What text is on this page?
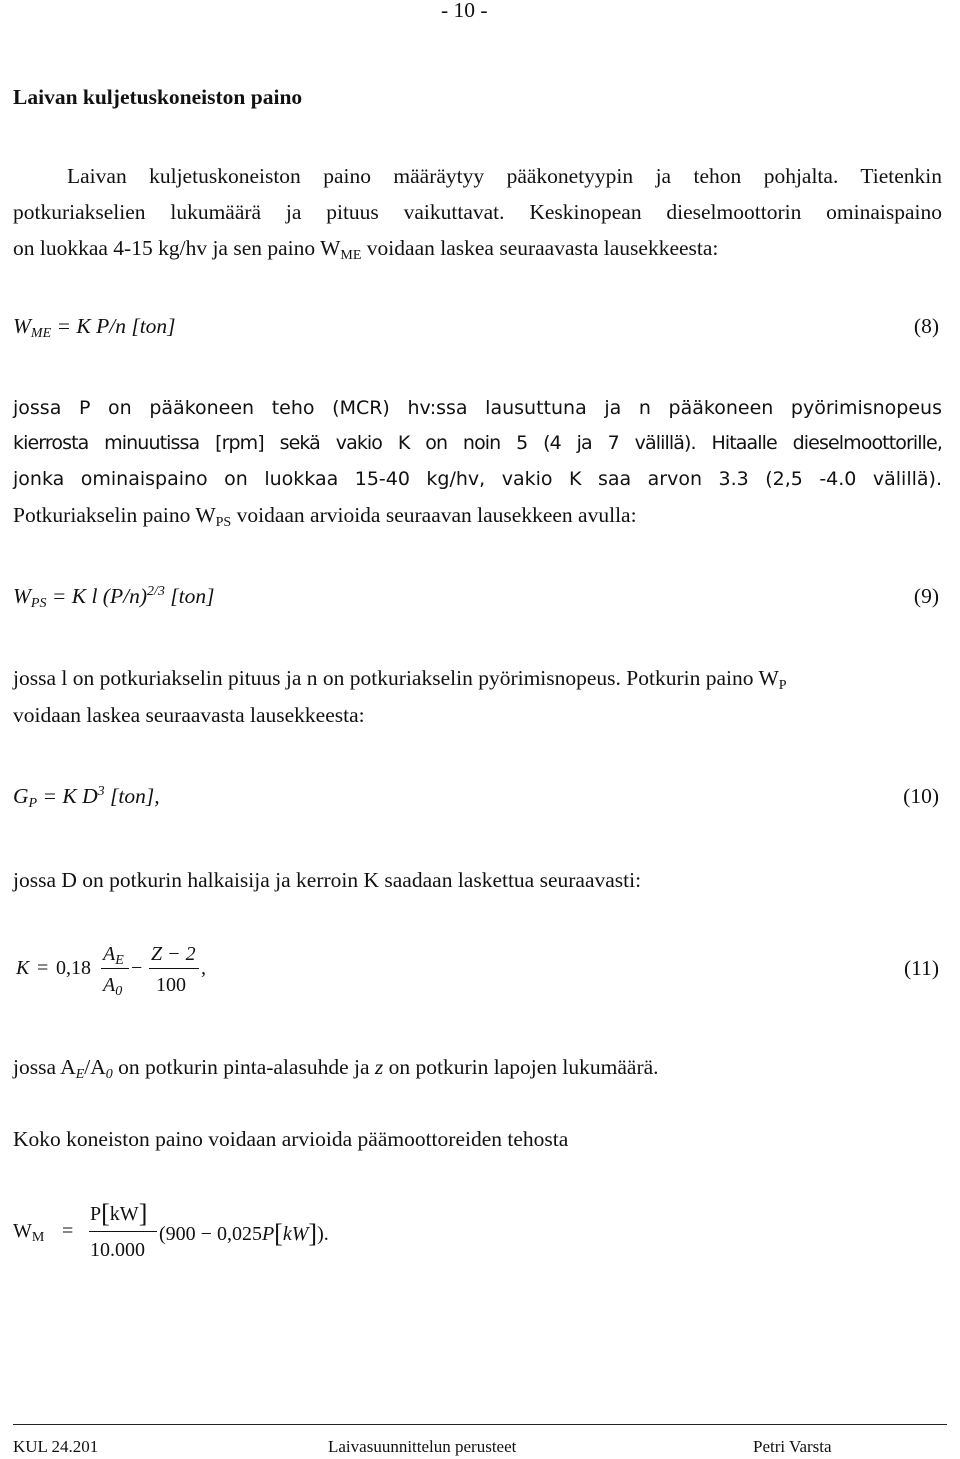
- 10 -
Laivan kuljetuskoneiston paino
Laivan kuljetuskoneiston paino määräytyy pääkonetyypin ja tehon pohjalta. Tietenkin
potkuriakselien lukumäärä ja pituus vaikuttavat. Keskinopean dieselmoottorin ominaispaino
on luokkaa 4-15 kg/hv ja sen paino $W_{ME}$ voidaan laskea seuraavasta lausekkeesta:
$W_{ME} = K$ P/n [ton]	(8)
jossa P on pääkoneen teho (MCR) hv:ssa lausuttuna ja n pääkoneen pyörimisnopeus
kierrosta minuutissa [rpm] sekä vakio K on noin 5 (4 ja 7 välillä). Hitaalle dieselmoottorille,
jonka ominaispaino on luokkaa 15-40 kg/hv, vakio K saa arvon 3.3 (2,5 -4.0 välillä).
Potkuriakselin paino $W_{PS}$ voidaan arvioida seuraavan lausekkeen avulla:
$W_{PS} = K$ l $(P/n)^{2/3}$ [ton]	(9)
jossa l on potkuriakselin pituus ja n on potkuriakselin pyörimisnopeus. Potkurin paino $W_P$
voidaan laskea seuraavasta lausekkeesta:
$G_P = K$ $D^3$ [ton],	(10)
jossa D on potkurin halkaisija ja kerroin K saadaan laskettua seuraavasti:
K = 0,18
$A_E$
$A_0$
−
Z − 2
100
,	(11)
jossa $A_E/A_0$ on potkurin pinta-alasuhde ja z on potkurin lapojen lukumäärä.
Koko koneiston paino voidaan arvioida päämoottoreiden tehosta
$W_M$ =
P[kW]
10.000
(900 − 0,025P[kW]).
KUL 24.201	Laivasuunnittelun perusteet	Petri Varsta
